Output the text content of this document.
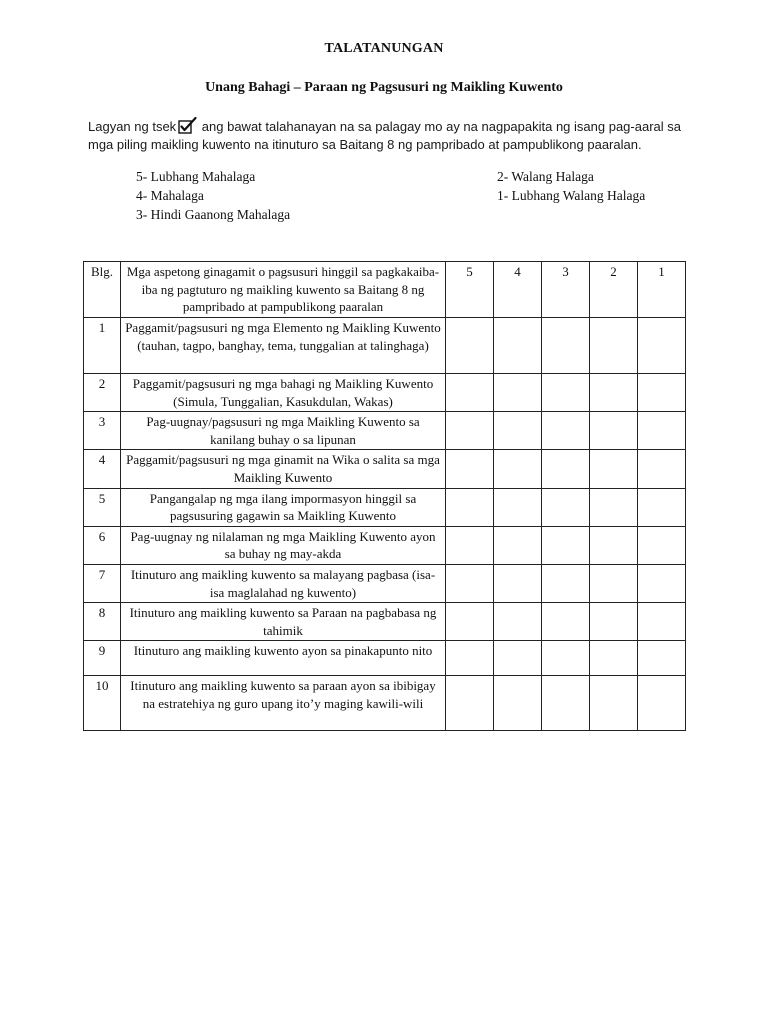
TALATANUNGAN
Unang Bahagi – Paraan ng Pagsusuri ng Maikling Kuwento
Lagyan ng tsek ang bawat talahanayan na sa palagay mo ay na nagpapakita ng isang pag-aaral sa mga piling maikling kuwento na itinuturo sa Baitang 8 ng pampribado at pampublikong paaralan.
5- Lubhang Mahalaga
4- Mahalaga
3- Hindi Gaanong Mahalaga
2- Walang Halaga
1- Lubhang Walang Halaga
Blg.	Mga aspetong ginagamit o pagsusuri hinggil sa pagkakaiba-iba ng pagtuturo ng maikling kuwento sa Baitang 8 ng pampribado at pampublikong paaralan	5	4	3	2	1
1	Paggamit/pagsusuri ng mga Elemento ng Maikling Kuwento (tauhan, tagpo, banghay, tema, tunggalian at talinghaga)					
2	Paggamit/pagsusuri ng mga bahagi ng Maikling Kuwento (Simula, Tunggalian, Kasukdulan, Wakas)					
3	Pag-uugnay/pagsusuri ng mga Maikling Kuwento sa kanilang buhay o sa lipunan					
4	Paggamit/pagsusuri ng mga ginamit na Wika o salita sa mga Maikling Kuwento					
5	Pangangalap ng mga ilang impormasyon hinggil sa pagsusuring gagawin sa Maikling Kuwento					
6	Pag-uugnay ng nilalaman ng mga Maikling Kuwento ayon sa buhay ng may-akda					
7	Itinuturo ang maikling kuwento sa malayang pagbasa (isa-isa maglalahad ng kuwento)					
8	Itinuturo ang maikling kuwento sa Paraan na pagbabasa ng tahimik					
9	Itinuturo ang maikling kuwento ayon sa pinakapunto nito					
10	Itinuturo ang maikling kuwento sa paraan ayon sa ibibigay na estratehiya ng guro upang ito’y maging kawili-wili					
